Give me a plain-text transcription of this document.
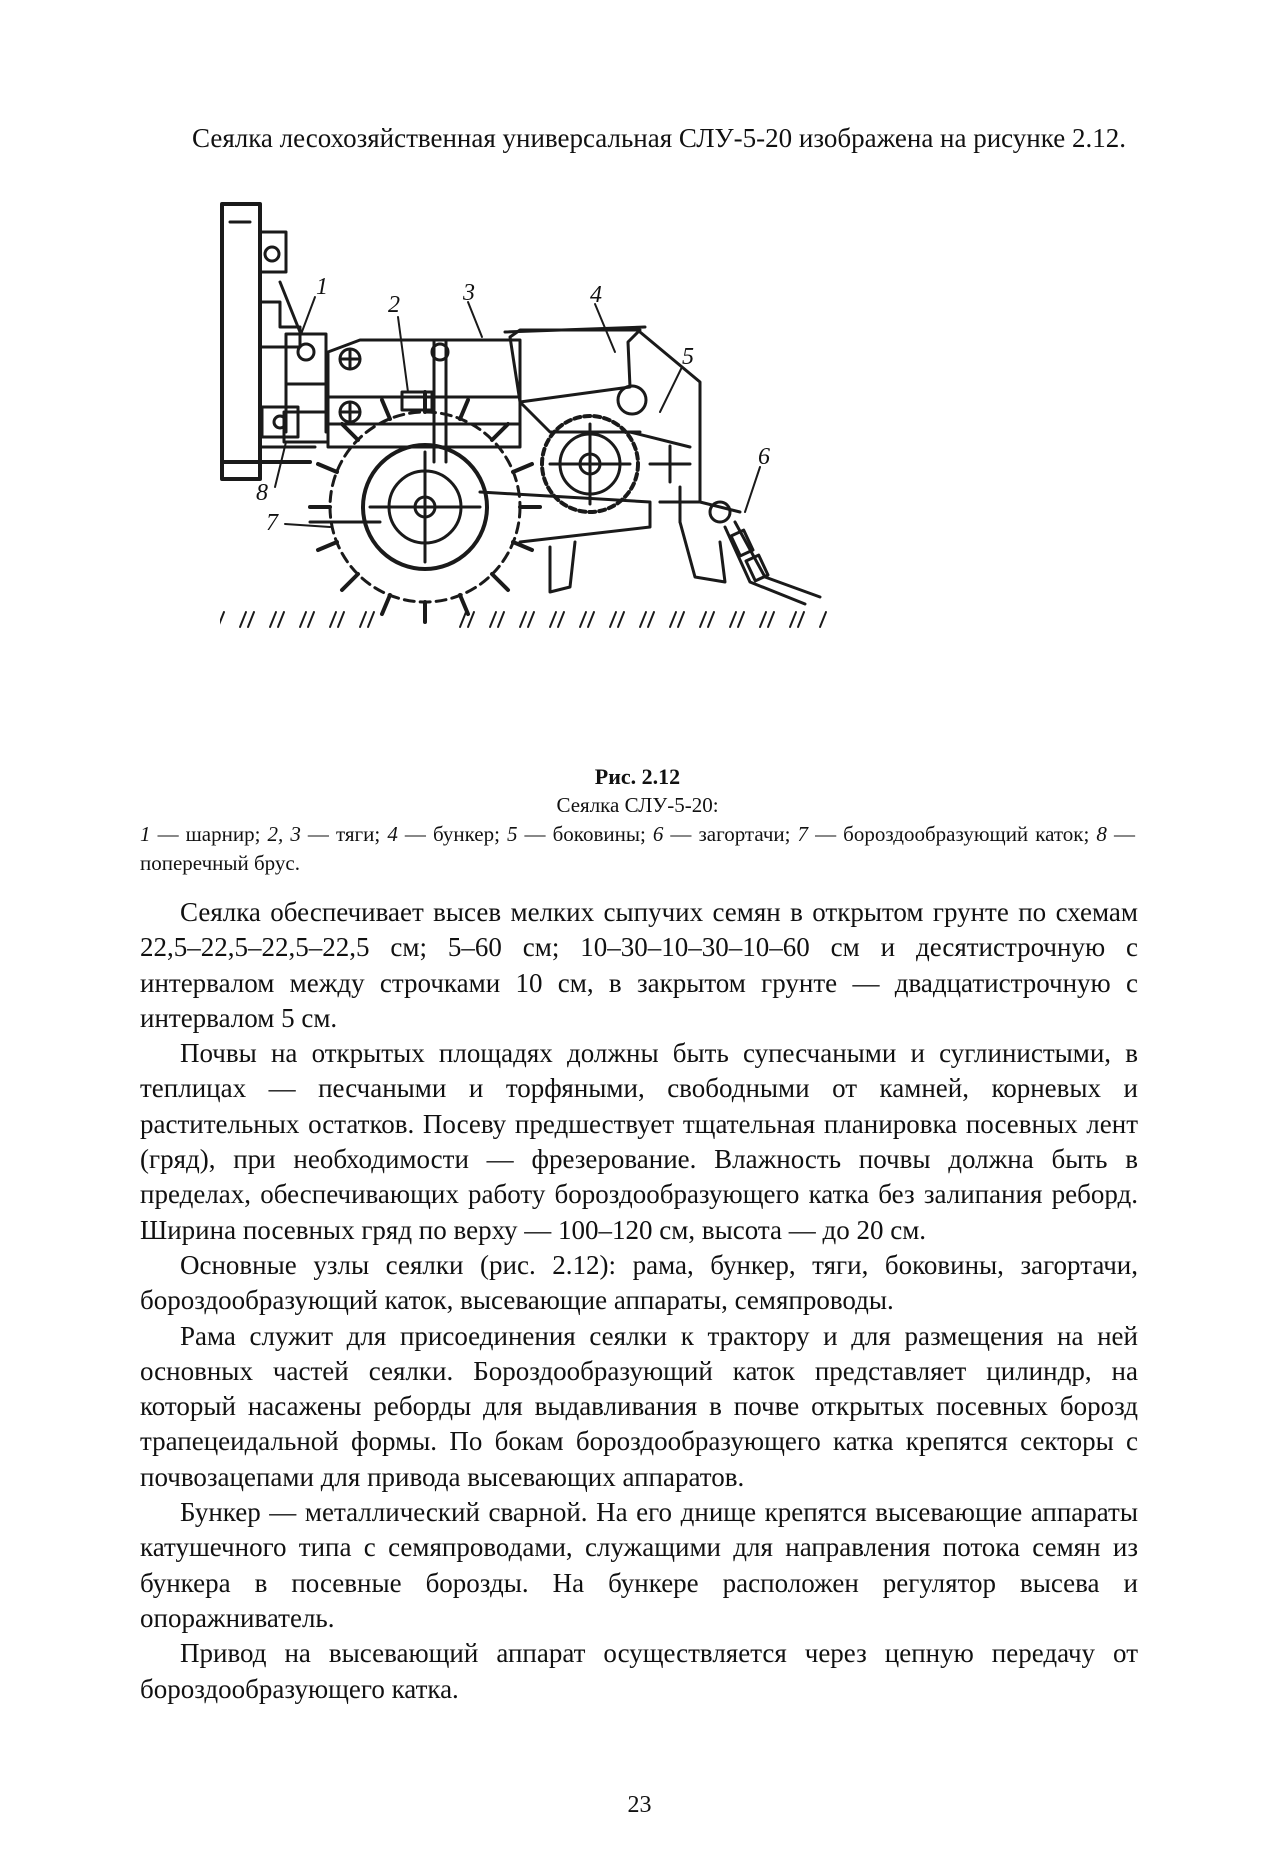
Сеялка лесохозяйственная универсальная СЛУ-5-20 изображена на рисунке 2.12.

1
2	3	4
5
6
7
8
Рис. 2.12
Сеялка СЛУ-5-20:
1 — шарнир; 2, 3 — тяги; 4 — бункер; 5 — боковины; 6 — загортачи; 7 — бороздообразующий каток; 8 — поперечный брус.

Сеялка обеспечивает высев мелких сыпучих семян в открытом грунте по схемам 22,5–22,5–22,5–22,5 см; 5–60 см; 10–30–10–30–10–60 см и десятистрочную с интервалом между строчками 10 см, в закрытом грунте — двадцатистрочную с интервалом 5 см.

Почвы на открытых площадях должны быть супесчаными и суглинистыми, в теплицах — песчаными и торфяными, свободными от камней, корневых и растительных остатков. Посеву предшествует тщательная планировка посевных лент (гряд), при необходимости — фрезерование. Влажность почвы должна быть в пределах, обеспечивающих работу бороздообразующего катка без залипания реборд. Ширина посевных гряд по верху — 100–120 см, высота — до 20 см.

Основные узлы сеялки (рис. 2.12): рама, бункер, тяги, боковины, загортачи, бороздообразующий каток, высевающие аппараты, семяпроводы.

Рама служит для присоединения сеялки к трактору и для размещения на ней основных частей сеялки. Бороздообразующий каток представляет цилиндр, на который насажены реборды для выдавливания в почве открытых посевных борозд трапецеидальной формы. По бокам бороздообразующего катка крепятся секторы с почвозацепами для привода высевающих аппаратов.

Бункер — металлический сварной. На его днище крепятся высевающие аппараты катушечного типа с семяпроводами, служащими для направления потока семян из бункера в посевные борозды. На бункере расположен регулятор высева и опоражниватель.

Привод на высевающий аппарат осуществляется через цепную передачу от бороздообразующего катка.

23
